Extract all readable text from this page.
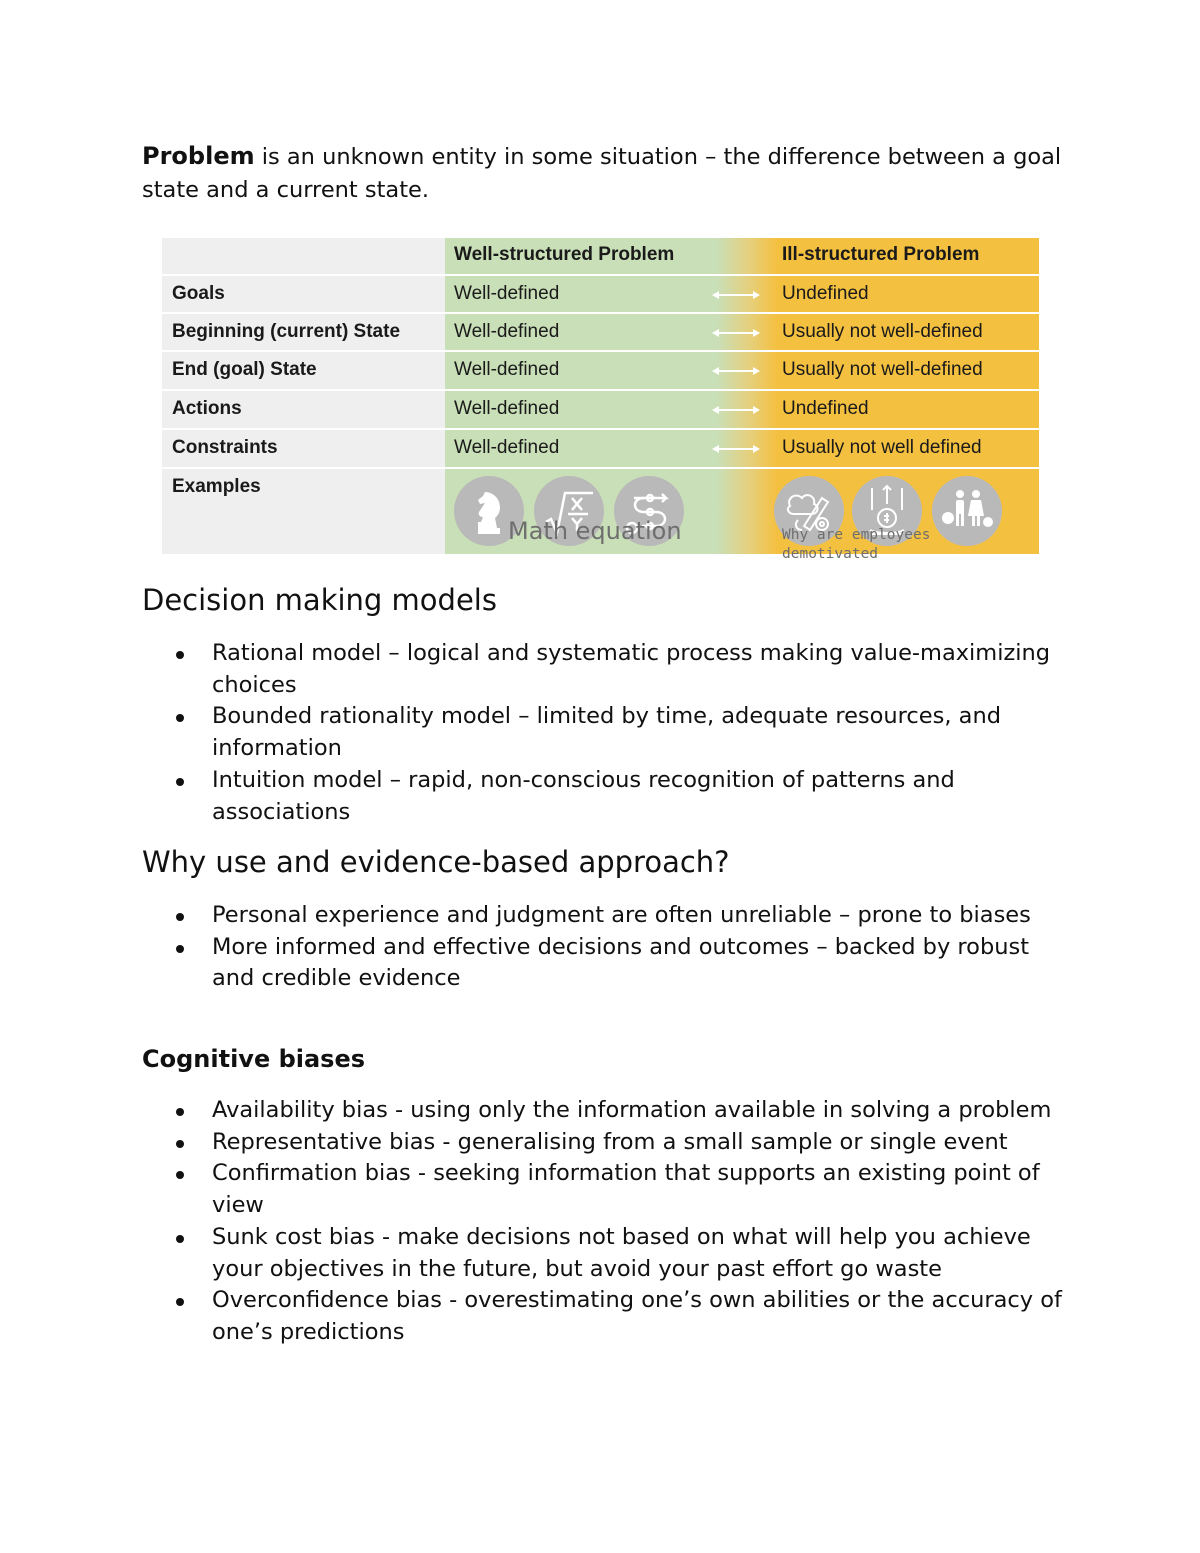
Problem is an unknown entity in some situation – the difference between a goal state and a current state.

Well-structured Problem	Ill-structured Problem
Goals	Well-defined	Undefined
Beginning (current) State	Well-defined	Usually not well-defined
End (goal) State	Well-defined	Usually not well-defined
Actions	Well-defined	Undefined
Constraints	Well-defined	Usually not well defined
Examples
Math equation	Why are employees
demotivated
Decision making models
Rational model – logical and systematic process making value-maximizing choices
Bounded rationality model – limited by time, adequate resources, and information
Intuition model – rapid, non-conscious recognition of patterns and associations
Why use and evidence-based approach?
Personal experience and judgment are often unreliable – prone to biases
More informed and effective decisions and outcomes – backed by robust and credible evidence
Cognitive biases
Availability bias - using only the information available in solving a problem
Representative bias - generalising from a small sample or single event
Confirmation bias - seeking information that supports an existing point of view
Sunk cost bias - make decisions not based on what will help you achieve your objectives in the future, but avoid your past effort go waste
Overconfidence bias - overestimating one’s own abilities or the accuracy of one’s predictions
